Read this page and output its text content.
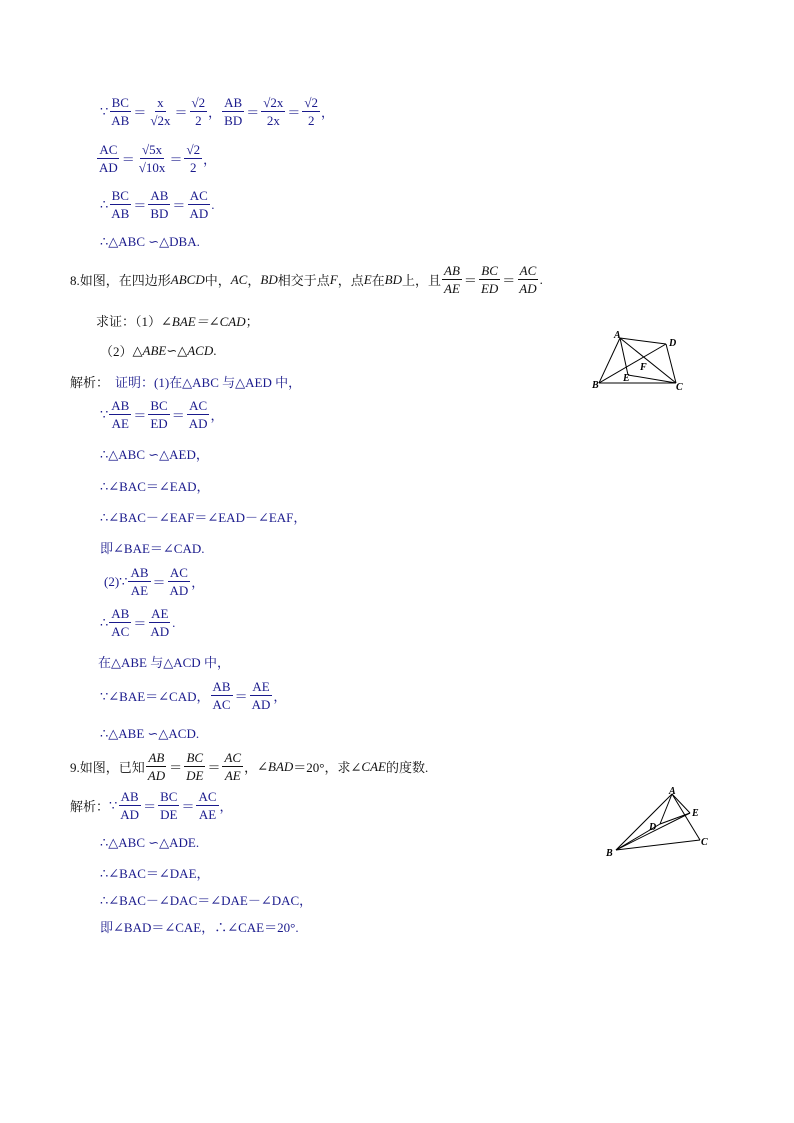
∵ $\frac{BC}{AB} = \frac{x}{√2x} = \frac{√2}{2}$ ， $\frac{AB}{BD} = \frac{√2x}{2x} = \frac{√2}{2}$ ，
$\frac{AC}{AD} = \frac{√5x}{√10x} = \frac{√2}{2}$ ，
∴ $\frac{BC}{AB} = \frac{AB}{BD} = \frac{AC}{AD}$ .
∴△ABC ∽△DBA.
8.如图，在四边形 ABCD 中， AC ， BD 相交于点 F ，点 E 在 BD 上，且 $\frac{AB}{AE} = \frac{BC}{ED} = \frac{AC}{AD}$ .
求证：（1） ∠BAE＝∠CAD ；
（2） △ABE∽△ACD .
解析： 证明：(1)在△ABC 与△AED 中，
∵ $\frac{AB}{AE} = \frac{BC}{ED} = \frac{AC}{AD}$ ，
∴△ABC ∽△AED，
∴∠BAC＝∠EAD，
∴∠BAC－∠EAF＝∠EAD－∠EAF，
即∠BAE＝∠CAD.
(2)∵ $\frac{AB}{AE} = \frac{AC}{AD}$ ，
∴ $\frac{AB}{AC} = \frac{AE}{AD}$ .
在△ABE 与△ACD 中，
∵∠BAE＝∠CAD， $\frac{AB}{AC} = \frac{AE}{AD}$ ，
∴△ABE ∽△ACD.
A
D
B	C
E
F
9.如图，已知 $\frac{AB}{AD} = \frac{BC}{DE} = \frac{AC}{AE}$ ， ∠BAD ＝20° ，求∠ CAE 的度数.
解析： ∵ $\frac{AB}{AD} = \frac{BC}{DE} = \frac{AC}{AE}$ ，
∴△ABC ∽△ADE.
∴∠BAC＝∠DAE，
∴∠BAC－∠DAC＝∠DAE－∠DAC，
即∠BAD＝∠CAE，∴∠CAE＝20°.
A
E
D
B
C
